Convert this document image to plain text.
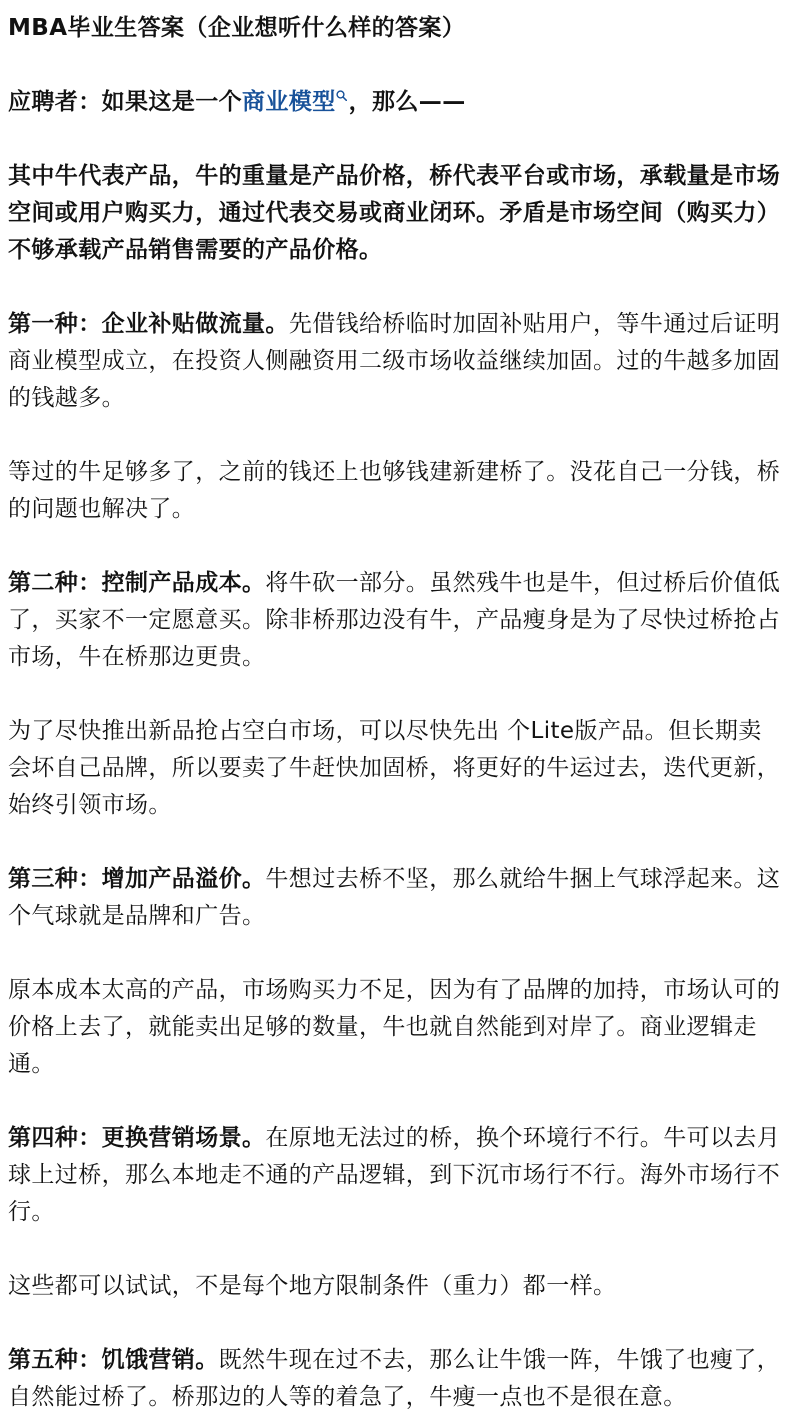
MBA毕业生答案（企业想听什么样的答案）

应聘者：如果这是一个商业模型 ，那么——

其中牛代表产品，牛的重量是产品价格，桥代表平台或市场，承载量是市场空间或用户购买力，通过代表交易或商业闭环。矛盾是市场空间（购买力）不够承载产品销售需要的产品价格。

第一种：企业补贴做流量。先借钱给桥临时加固补贴用户，等牛通过后证明商业模型成立，在投资人侧融资用二级市场收益继续加固。过的牛越多加固的钱越多。

等过的牛足够多了，之前的钱还上也够钱建新建桥了。没花自己一分钱，桥的问题也解决了。

第二种：控制产品成本。将牛砍一部分。虽然残牛也是牛，但过桥后价值低了，买家不一定愿意买。除非桥那边没有牛，产品瘦身是为了尽快过桥抢占市场，牛在桥那边更贵。

为了尽快推出新品抢占空白市场，可以尽快先出 个Lite版产品。但长期卖会坏自己品牌，所以要卖了牛赶快加固桥，将更好的牛运过去，迭代更新，始终引领市场。

第三种：增加产品溢价。牛想过去桥不坚，那么就给牛捆上气球浮起来。这个气球就是品牌和广告。

原本成本太高的产品，市场购买力不足，因为有了品牌的加持，市场认可的价格上去了，就能卖出足够的数量，牛也就自然能到对岸了。商业逻辑走通。

第四种：更换营销场景。在原地无法过的桥，换个环境行不行。牛可以去月球上过桥，那么本地走不通的产品逻辑，到下沉市场行不行。海外市场行不行。

这些都可以试试，不是每个地方限制条件（重力）都一样。

第五种：饥饿营销。既然牛现在过不去，那么让牛饿一阵，牛饿了也瘦了，自然能过桥了。桥那边的人等的着急了，牛瘦一点也不是很在意。
